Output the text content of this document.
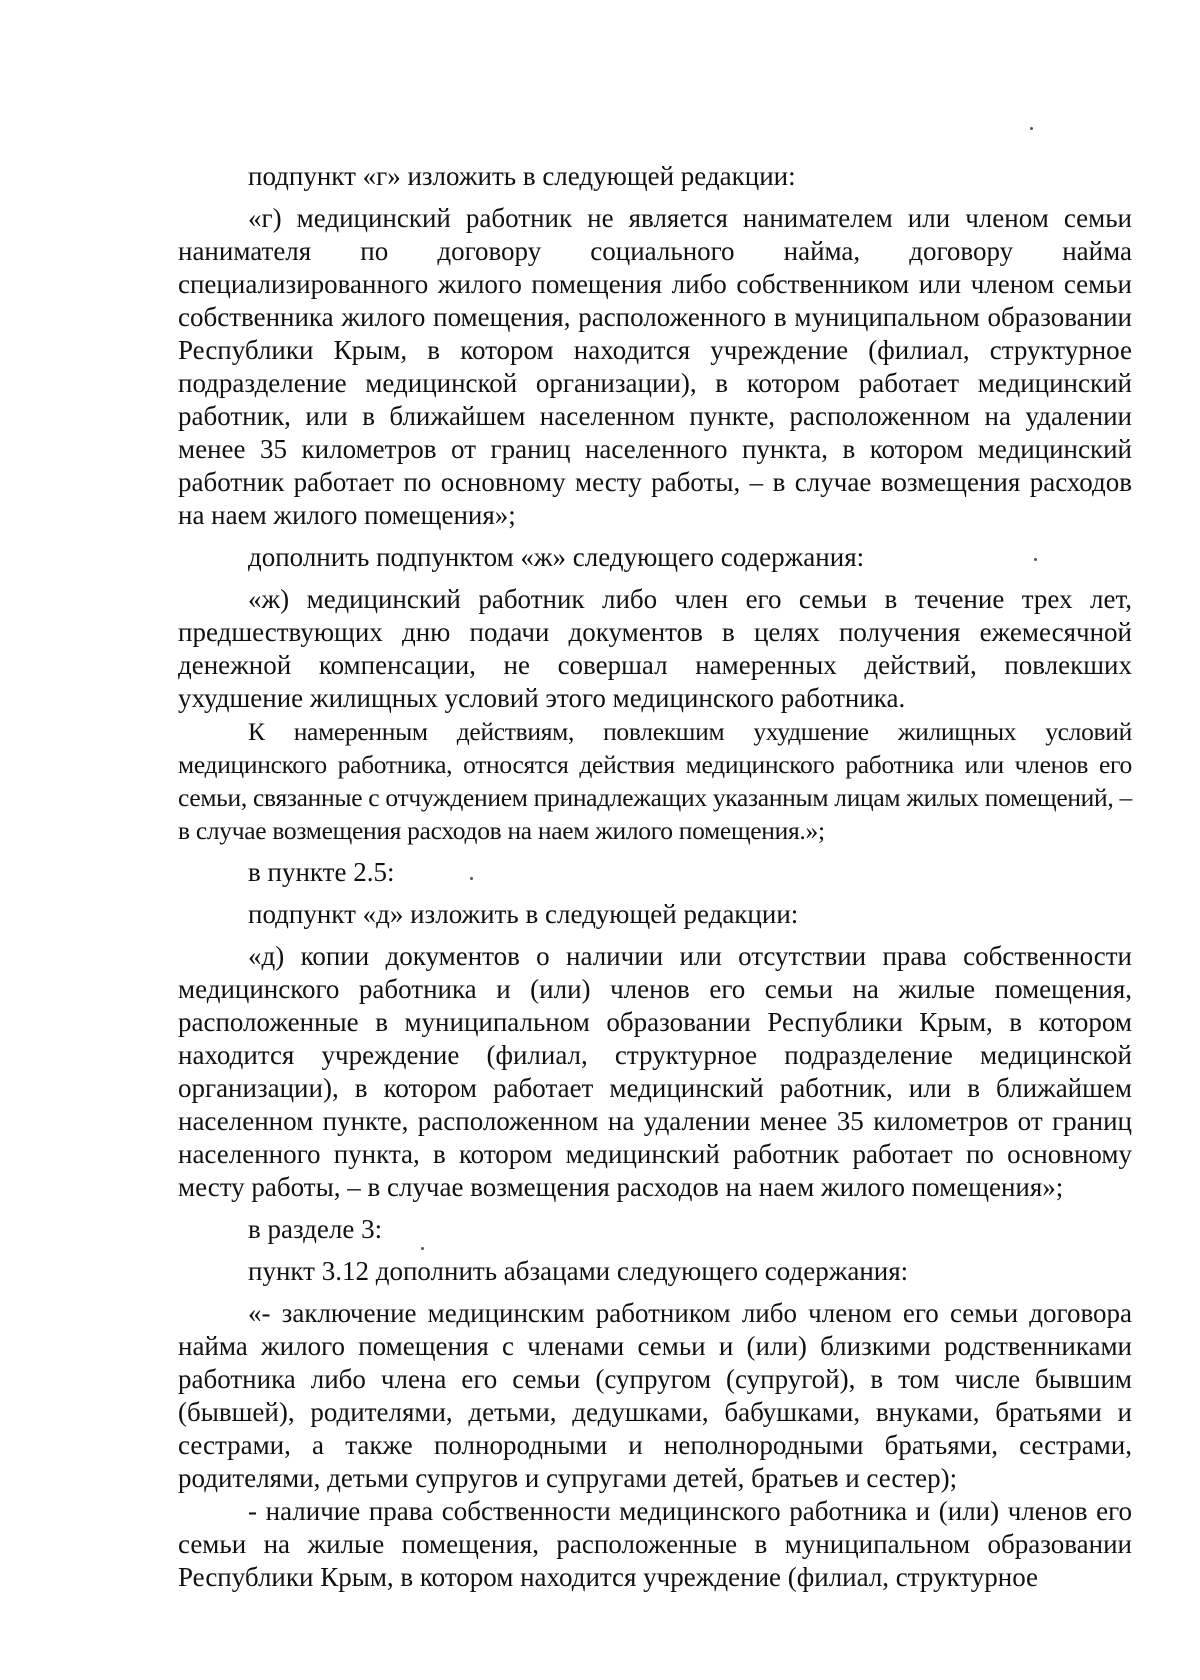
подпункт «г» изложить в следующей редакции:

«г) медицинский работник не является нанимателем или членом семьи нанимателя по договору социального найма, договору найма специализированного жилого помещения либо собственником или членом семьи собственника жилого помещения, расположенного в муниципальном образовании Республики Крым, в котором находится учреждение (филиал, структурное подразделение медицинской организации), в котором работает медицинский работник, или в ближайшем населенном пункте, расположенном на удалении менее 35 километров от границ населенного пункта, в котором медицинский работник работает по основному месту работы, – в случае возмещения расходов на наем жилого помещения»;

дополнить подпунктом «ж» следующего содержания:

«ж) медицинский работник либо член его семьи в течение трех лет, предшествующих дню подачи документов в целях получения ежемесячной денежной компенсации, не совершал намеренных действий, повлекших ухудшение жилищных условий этого медицинского работника.

К намеренным действиям, повлекшим ухудшение жилищных условий медицинского работника, относятся действия медицинского работника или членов его семьи, связанные с отчуждением принадлежащих указанным лицам жилых помещений, – в случае возмещения расходов на наем жилого помещения.»;

в пункте 2.5:

подпункт «д» изложить в следующей редакции:

«д) копии документов о наличии или отсутствии права собственности медицинского работника и (или) членов его семьи на жилые помещения, расположенные в муниципальном образовании Республики Крым, в котором находится учреждение (филиал, структурное подразделение медицинской организации), в котором работает медицинский работник, или в ближайшем населенном пункте, расположенном на удалении менее 35 километров от границ населенного пункта, в котором медицинский работник работает по основному месту работы, – в случае возмещения расходов на наем жилого помещения»;

в разделе 3:

пункт 3.12 дополнить абзацами следующего содержания:

«- заключение медицинским работником либо членом его семьи договора найма жилого помещения с членами семьи и (или) близкими родственниками работника либо члена его семьи (супругом (супругой), в том числе бывшим (бывшей), родителями, детьми, дедушками, бабушками, внуками, братьями и сестрами, а также полнородными и неполнородными братьями, сестрами, родителями, детьми супругов и супругами детей, братьев и сестер);

- наличие права собственности медицинского работника и (или) членов его семьи на жилые помещения, расположенные в муниципальном образовании Республики Крым, в котором находится учреждение (филиал, структурное
